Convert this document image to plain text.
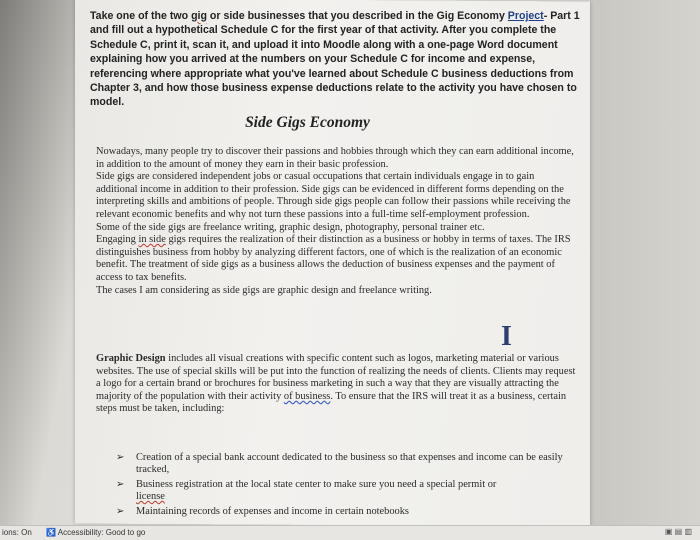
Take one of the two gig or side businesses that you described in the Gig Economy Project- Part 1 and fill out a hypothetical Schedule C for the first year of that activity. After you complete the Schedule C, print it, scan it, and upload it into Moodle along with a one-page Word document explaining how you arrived at the numbers on your Schedule C for income and expense, referencing where appropriate what you've learned about Schedule C business deductions from Chapter 3, and how those business expense deductions relate to the activity you have chosen to model.

Side Gigs Economy
Nowadays, many people try to discover their passions and hobbies through which they can earn additional income, in addition to the amount of money they earn in their basic profession.
Side gigs are considered independent jobs or casual occupations that certain individuals engage in to gain additional income in addition to their profession. Side gigs can be evidenced in different forms depending on the interpreting skills and ambitions of people. Through side gigs people can follow their passions while receiving the relevant economic benefits and why not turn these passions into a full-time self-employment profession.
Some of the side gigs are freelance writing, graphic design, photography, personal trainer etc.
Engaging in side gigs requires the realization of their distinction as a business or hobby in terms of taxes. The IRS distinguishes business from hobby by analyzing different factors, one of which is the realization of an economic benefit. The treatment of side gigs as a business allows the deduction of business expenses and the payment of access to tax benefits.
The cases I am considering as side gigs are graphic design and freelance writing.
I
Graphic Design includes all visual creations with specific content such as logos, marketing material or various websites. The use of special skills will be put into the function of realizing the needs of clients. Clients may request a logo for a certain brand or brochures for business marketing in such a way that they are visually attracting the majority of the population with their activity of business. To ensure that the IRS will treat it as a business, certain steps must be taken, including:
➢ Creation of a special bank account dedicated to the business so that expenses and income can be easily tracked,
➢ Business registration at the local state center to make sure you need a special permit or
license
➢ Maintaining records of expenses and income in certain notebooks
ions: On ♿ Accessibility: Good to go	▣ ▤ ▥
